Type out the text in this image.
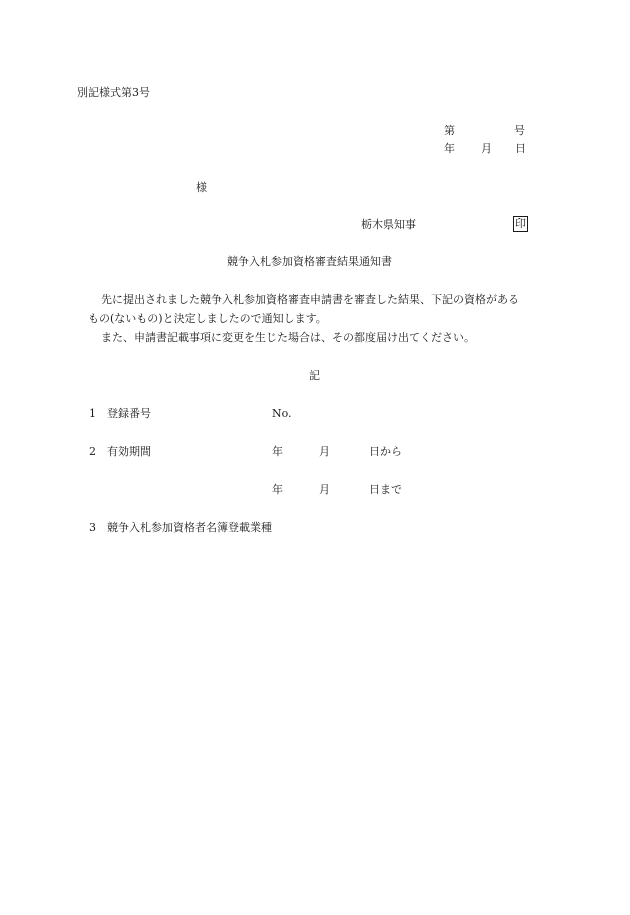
別記様式第3号
第	号
年 月 日
様
栃木県知事	印
競争入札参加資格審査結果通知書
先に提出されました競争入札参加資格審査申請書を審査した結果、下記の資格がある
もの(ないもの)と決定しましたので通知します。
また、申請書記載事項に変更を生じた場合は、その都度届け出てください。
記
1 登録番号	No.
2 有効期間	年	月	日から
年	月	日まで
3 競争入札参加資格者名簿登載業種
